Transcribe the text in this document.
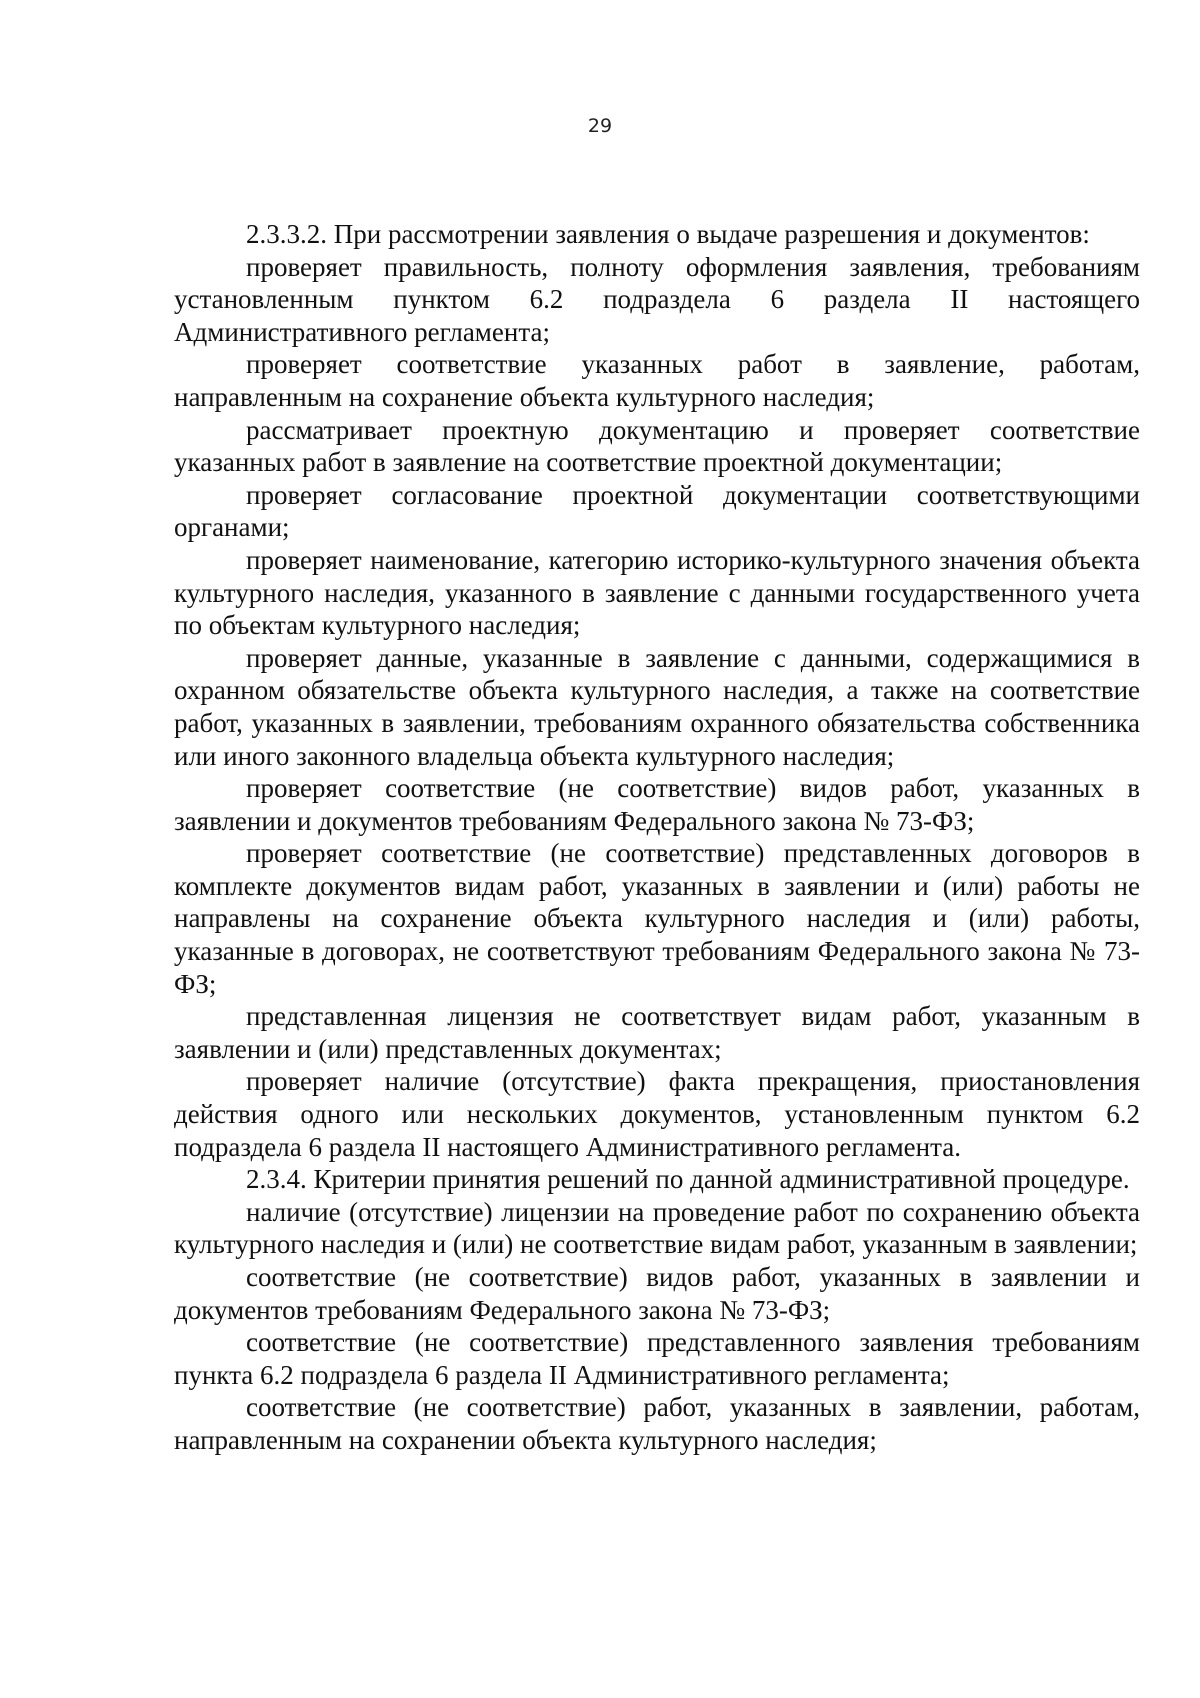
29

2.3.3.2. При рассмотрении заявления о выдаче разрешения и документов:

проверяет правильность, полноту оформления заявления, требованиям установленным пунктом 6.2 подраздела 6 раздела II настоящего Административного регламента;

проверяет соответствие указанных работ в заявление, работам, направленным на сохранение объекта культурного наследия;

рассматривает проектную документацию и проверяет соответствие указанных работ в заявление на соответствие проектной документации;

проверяет согласование проектной документации соответствующими органами;

проверяет наименование, категорию историко-культурного значения объекта культурного наследия, указанного в заявление с данными государственного учета по объектам культурного наследия;

проверяет данные, указанные в заявление с данными, содержащимися в охранном обязательстве объекта культурного наследия, а также на соответствие работ, указанных в заявлении, требованиям охранного обязательства собственника или иного законного владельца объекта культурного наследия;

проверяет соответствие (не соответствие) видов работ, указанных в заявлении и документов требованиям Федерального закона № 73-ФЗ;

проверяет соответствие (не соответствие) представленных договоров в комплекте документов видам работ, указанных в заявлении и (или) работы не направлены на сохранение объекта культурного наследия и (или) работы, указанные в договорах, не соответствуют требованиям Федерального закона № 73-ФЗ;

представленная лицензия не соответствует видам работ, указанным в заявлении и (или) представленных документах;

проверяет наличие (отсутствие) факта прекращения, приостановления действия одного или нескольких документов, установленным пунктом 6.2 подраздела 6 раздела II настоящего Административного регламента.

2.3.4. Критерии принятия решений по данной административной процедуре.

наличие (отсутствие) лицензии на проведение работ по сохранению объекта культурного наследия и (или) не соответствие видам работ, указанным в заявлении;

соответствие (не соответствие) видов работ, указанных в заявлении и документов требованиям Федерального закона № 73-ФЗ;

соответствие (не соответствие) представленного заявления требованиям пункта 6.2 подраздела 6 раздела II Административного регламента;

соответствие (не соответствие) работ, указанных в заявлении, работам, направленным на сохранении объекта культурного наследия;
